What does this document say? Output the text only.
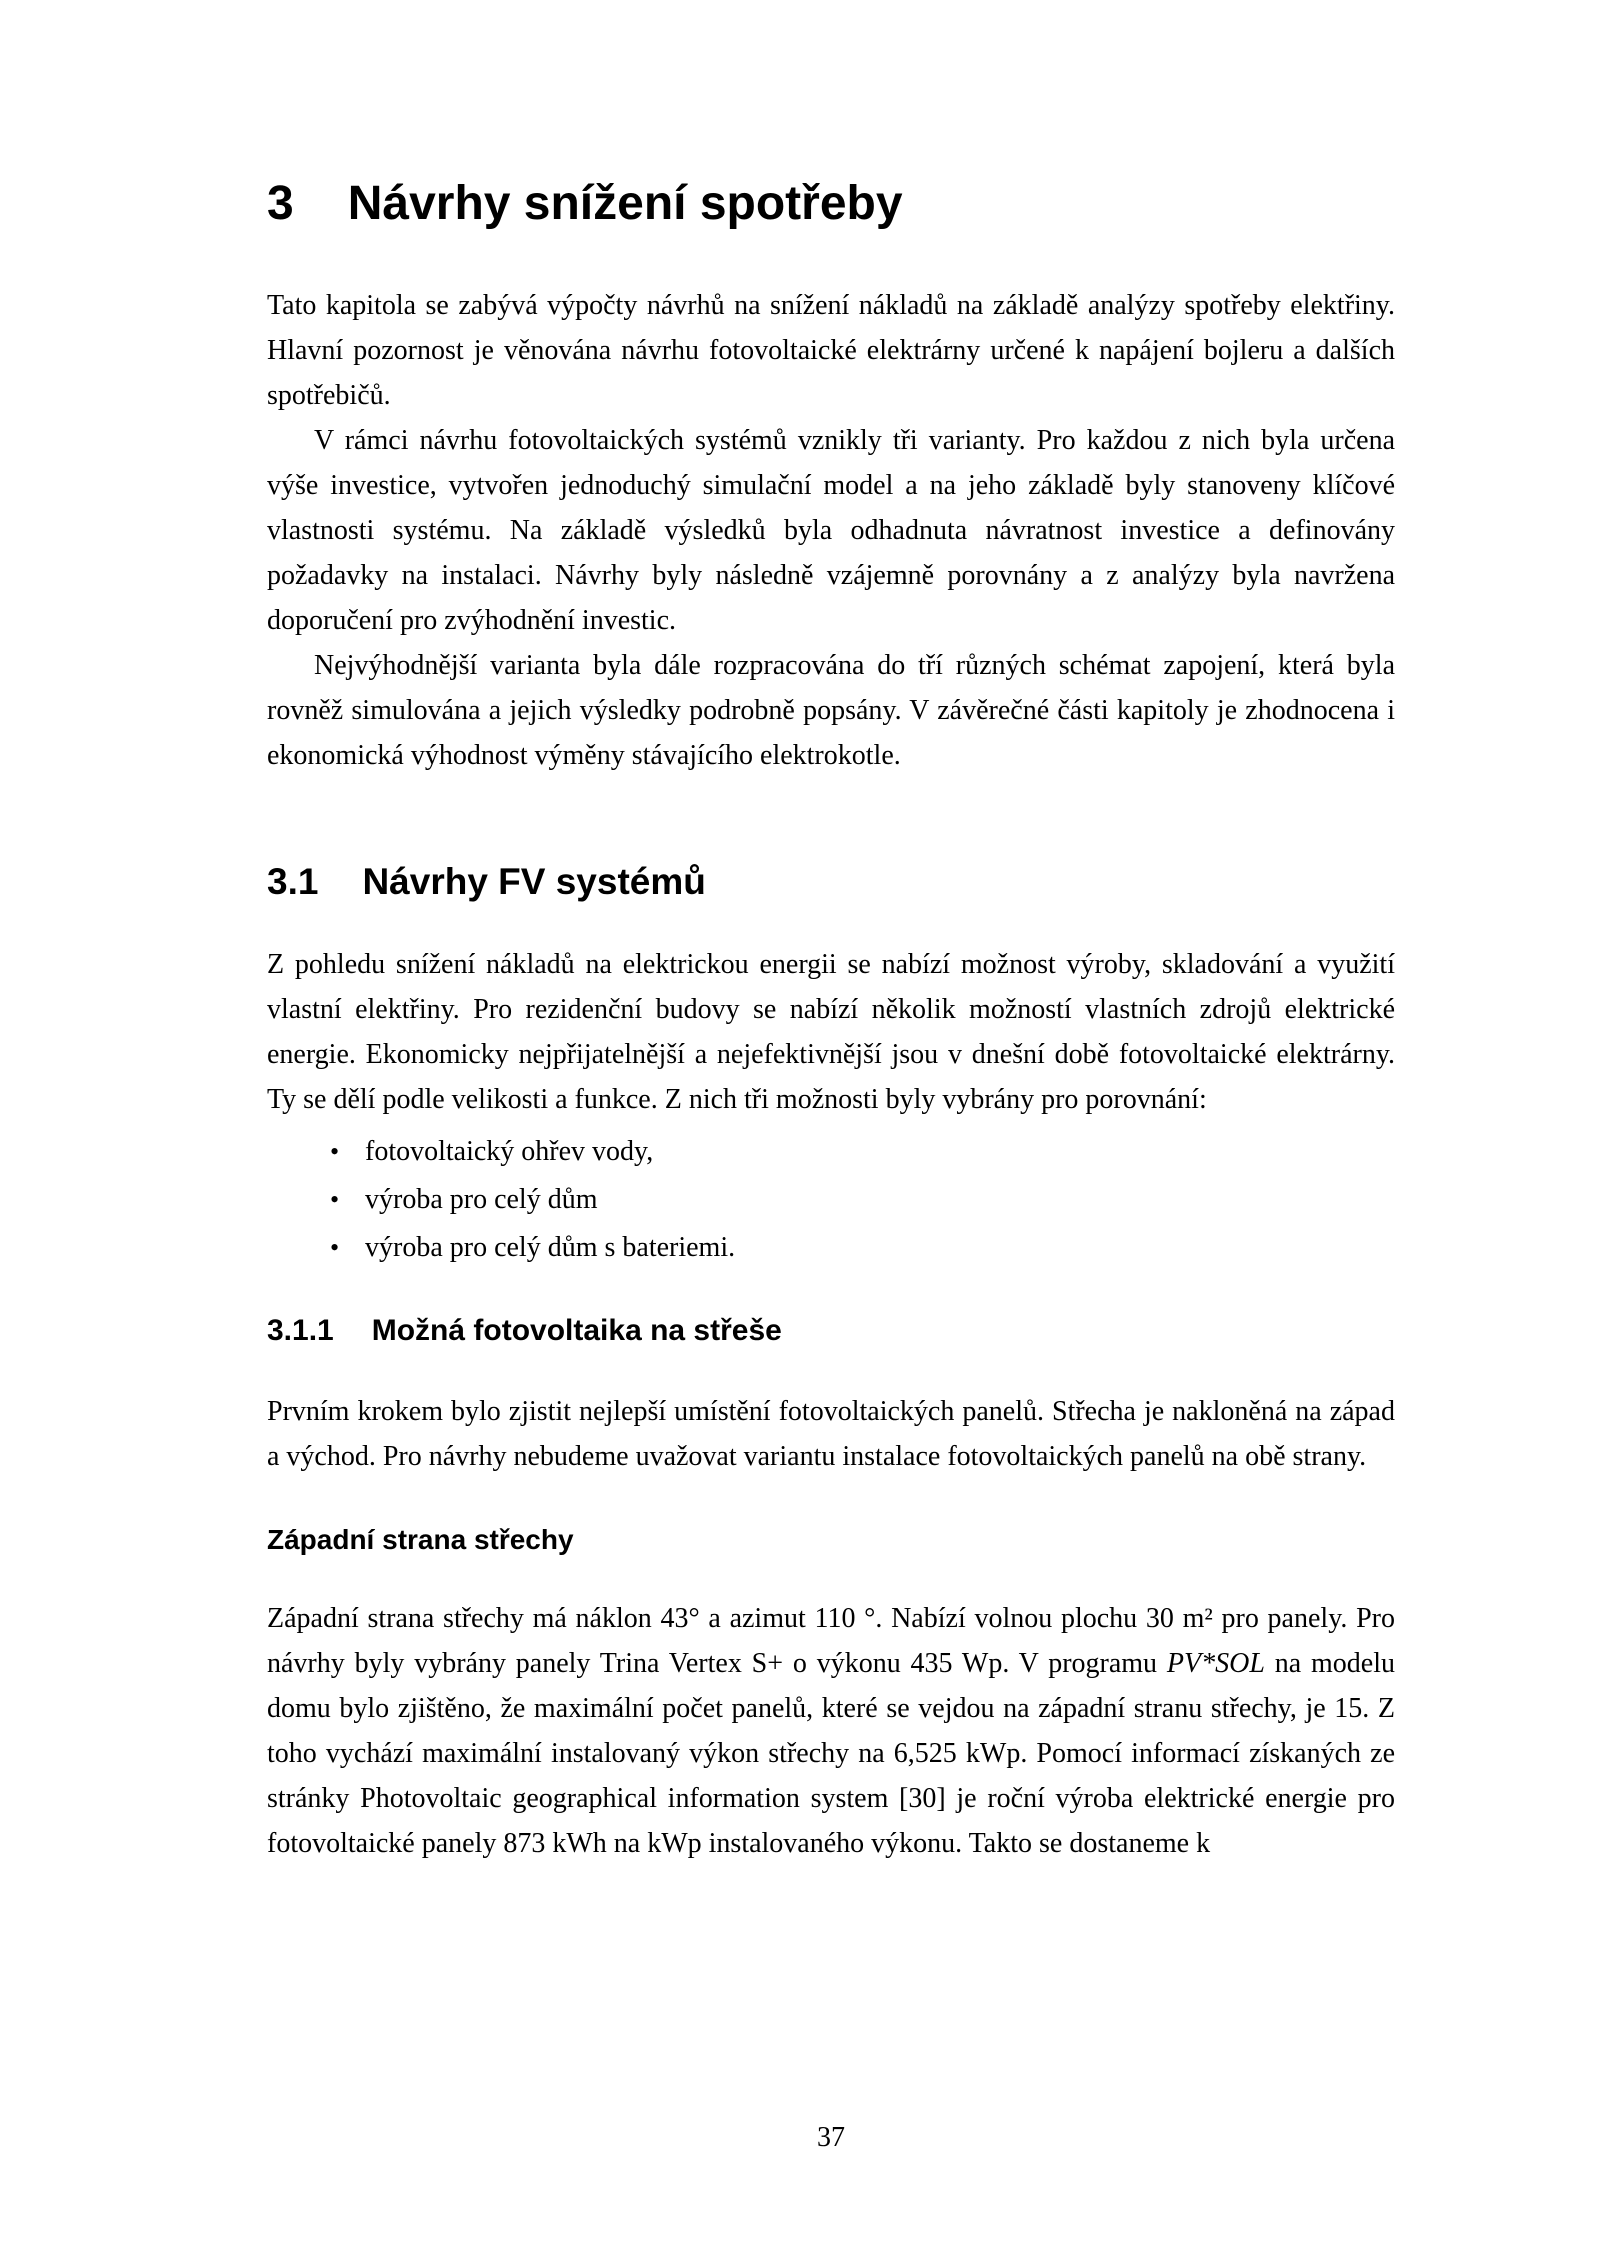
3 Návrhy snížení spotřeby

Tato kapitola se zabývá výpočty návrhů na snížení nákladů na základě analýzy spotřeby elektřiny. Hlavní pozornost je věnována návrhu fotovoltaické elektrárny určené k napájení bojleru a dalších spotřebičů.

V rámci návrhu fotovoltaických systémů vznikly tři varianty. Pro každou z nich byla určena výše investice, vytvořen jednoduchý simulační model a na jeho základě byly stanoveny klíčové vlastnosti systému. Na základě výsledků byla odhadnuta návratnost investice a definovány požadavky na instalaci. Návrhy byly následně vzájemně porovnány a z analýzy byla navržena doporučení pro zvýhodnění investic.

Nejvýhodnější varianta byla dále rozpracována do tří různých schémat zapojení, která byla rovněž simulována a jejich výsledky podrobně popsány. V závěrečné části kapitoly je zhodnocena i ekonomická výhodnost výměny stávajícího elektrokotle.

3.1 Návrhy FV systémů

Z pohledu snížení nákladů na elektrickou energii se nabízí možnost výroby, skladování a využití vlastní elektřiny. Pro rezidenční budovy se nabízí několik možností vlastních zdrojů elektrické energie. Ekonomicky nejpřijatelnější a nejefektivnější jsou v dnešní době fotovoltaické elektrárny. Ty se dělí podle velikosti a funkce. Z nich tři možnosti byly vybrány pro porovnání:

• fotovoltaický ohřev vody,
• výroba pro celý dům
• výroba pro celý dům s bateriemi.
3.1.1 Možná fotovoltaika na střeše

Prvním krokem bylo zjistit nejlepší umístění fotovoltaických panelů. Střecha je nakloněná na západ a východ. Pro návrhy nebudeme uvažovat variantu instalace fotovoltaických panelů na obě strany.

Západní strana střechy

Západní strana střechy má náklon 43° a azimut 110 °. Nabízí volnou plochu 30 m² pro panely. Pro návrhy byly vybrány panely Trina Vertex S+ o výkonu 435 Wp. V programu PV*SOL na modelu domu bylo zjištěno, že maximální počet panelů, které se vejdou na západní stranu střechy, je 15. Z toho vychází maximální instalovaný výkon střechy na 6,525 kWp. Pomocí informací získaných ze stránky Photovoltaic geographical information system [30] je roční výroba elektrické energie pro fotovoltaické panely 873 kWh na kWp instalovaného výkonu. Takto se dostaneme k

37
